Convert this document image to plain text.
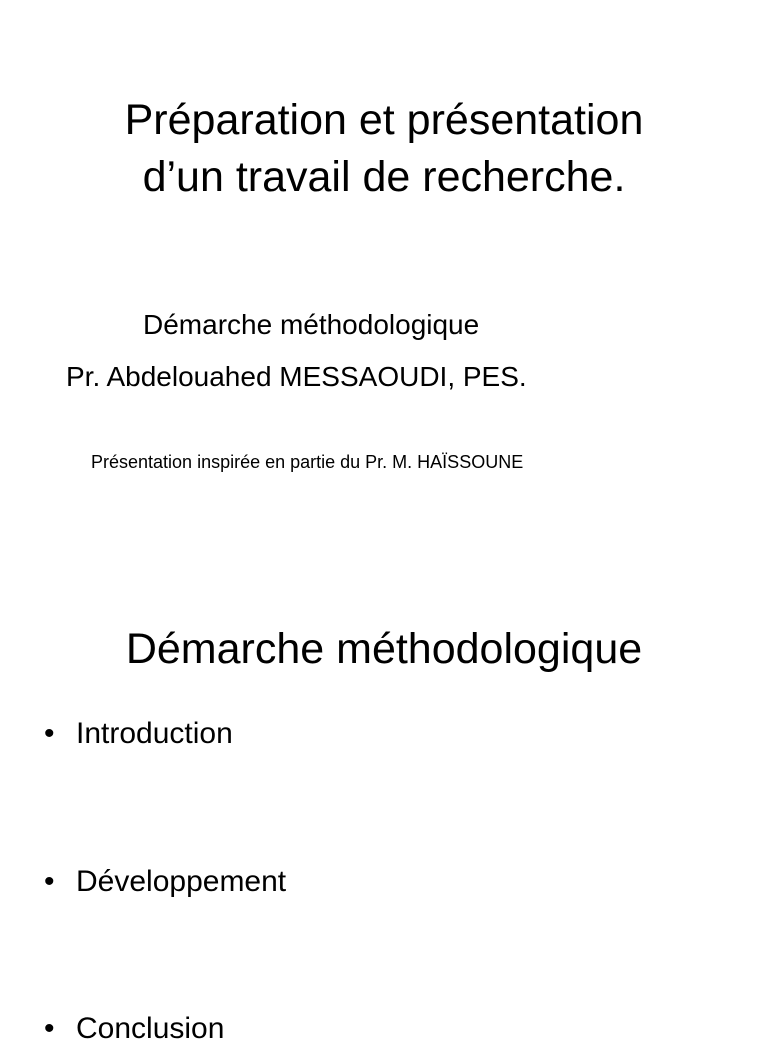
Préparation et présentation
d’un travail de recherche.
Démarche méthodologique
Pr. Abdelouahed MESSAOUDI, PES.
Présentation inspirée en partie du Pr. M. HAÏSSOUNE
Démarche méthodologique
• Introduction
• Développement
• Conclusion
